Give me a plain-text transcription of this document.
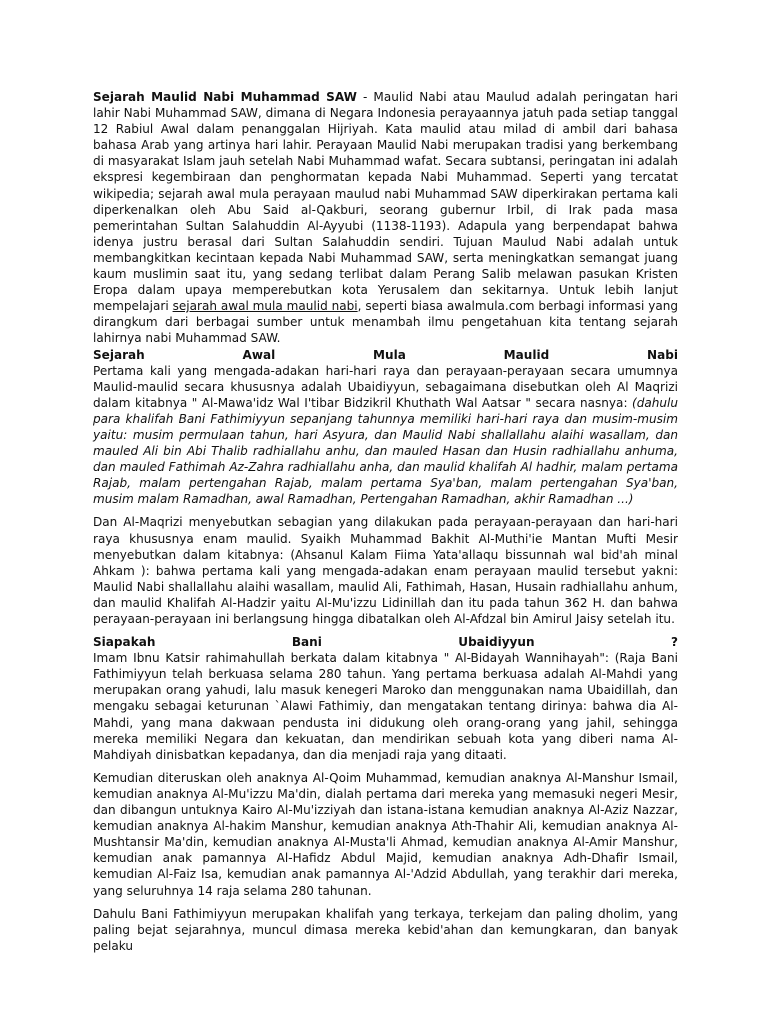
Sejarah Maulid Nabi Muhammad SAW - Maulid Nabi atau Maulud adalah peringatan hari lahir Nabi Muhammad SAW, dimana di Negara Indonesia perayaannya jatuh pada setiap tanggal 12 Rabiul Awal dalam penanggalan Hijriyah. Kata maulid atau milad di ambil dari bahasa bahasa Arab yang artinya hari lahir. Perayaan Maulid Nabi merupakan tradisi yang berkembang di masyarakat Islam jauh setelah Nabi Muhammad wafat. Secara subtansi, peringatan ini adalah ekspresi kegembiraan dan penghormatan kepada Nabi Muhammad. Seperti yang tercatat wikipedia; sejarah awal mula perayaan maulud nabi Muhammad SAW diperkirakan pertama kali diperkenalkan oleh Abu Said al-Qakburi, seorang gubernur Irbil, di Irak pada masa pemerintahan Sultan Salahuddin Al-Ayyubi (1138-1193). Adapula yang berpendapat bahwa idenya justru berasal dari Sultan Salahuddin sendiri. Tujuan Maulud Nabi adalah untuk membangkitkan kecintaan kepada Nabi Muhammad SAW, serta meningkatkan semangat juang kaum muslimin saat itu, yang sedang terlibat dalam Perang Salib melawan pasukan Kristen Eropa dalam upaya memperebutkan kota Yerusalem dan sekitarnya. Untuk lebih lanjut mempelajari sejarah awal mula maulid nabi, seperti biasa awalmula.com berbagi informasi yang dirangkum dari berbagai sumber untuk menambah ilmu pengetahuan kita tentang sejarah lahirnya nabi Muhammad SAW.

Sejarah	Awal	Mula	Maulid	Nabi

Pertama kali yang mengada-adakan hari-hari raya dan perayaan-perayaan secara umumnya Maulid-maulid secara khususnya adalah Ubaidiyyun, sebagaimana disebutkan oleh Al Maqrizi dalam kitabnya " Al-Mawa'idz Wal I'tibar Bidzikril Khuthath Wal Aatsar " secara nasnya: (dahulu para khalifah Bani Fathimiyyun sepanjang tahunnya memiliki hari-hari raya dan musim-musim yaitu: musim permulaan tahun, hari Asyura, dan Maulid Nabi shallallahu alaihi wasallam, dan mauled Ali bin Abi Thalib radhiallahu anhu, dan mauled Hasan dan Husin radhiallahu anhuma, dan mauled Fathimah Az-Zahra radhiallahu anha, dan maulid khalifah Al hadhir, malam pertama Rajab, malam pertengahan Rajab, malam pertama Sya'ban, malam pertengahan Sya'ban, musim malam Ramadhan, awal Ramadhan, Pertengahan Ramadhan, akhir Ramadhan ...)

Dan Al-Maqrizi menyebutkan sebagian yang dilakukan pada perayaan-perayaan dan hari-hari raya khususnya enam maulid. Syaikh Muhammad Bakhit Al-Muthi'ie Mantan Mufti Mesir menyebutkan dalam kitabnya: (Ahsanul Kalam Fiima Yata'allaqu bissunnah wal bid'ah minal Ahkam ): bahwa pertama kali yang mengada-adakan enam perayaan maulid tersebut yakni: Maulid Nabi shallallahu alaihi wasallam, maulid Ali, Fathimah, Hasan, Husain radhiallahu anhum, dan maulid Khalifah Al-Hadzir yaitu Al-Mu'izzu Lidinillah dan itu pada tahun 362 H. dan bahwa perayaan-perayaan ini berlangsung hingga dibatalkan oleh Al-Afdzal bin Amirul Jaisy setelah itu.

Siapakah	Bani	Ubaidiyyun	?

Imam Ibnu Katsir rahimahullah berkata dalam kitabnya " Al-Bidayah Wannihayah": (Raja Bani Fathimiyyun telah berkuasa selama 280 tahun. Yang pertama berkuasa adalah Al-Mahdi yang merupakan orang yahudi, lalu masuk kenegeri Maroko dan menggunakan nama Ubaidillah, dan mengaku sebagai keturunan `Alawi Fathimiy, dan mengatakan tentang dirinya: bahwa dia Al-Mahdi, yang mana dakwaan pendusta ini didukung oleh orang-orang yang jahil, sehingga mereka memiliki Negara dan kekuatan, dan mendirikan sebuah kota yang diberi nama Al-Mahdiyah dinisbatkan kepadanya, dan dia menjadi raja yang ditaati.

Kemudian diteruskan oleh anaknya Al-Qoim Muhammad, kemudian anaknya Al-Manshur Ismail, kemudian anaknya Al-Mu'izzu Ma'din, dialah pertama dari mereka yang memasuki negeri Mesir, dan dibangun untuknya Kairo Al-Mu'izziyah dan istana-istana kemudian anaknya Al-Aziz Nazzar, kemudian anaknya Al-hakim Manshur, kemudian anaknya Ath-Thahir Ali, kemudian anaknya Al-Mushtansir Ma'din, kemudian anaknya Al-Musta'li Ahmad, kemudian anaknya Al-Amir Manshur, kemudian anak pamannya Al-Hafidz Abdul Majid, kemudian anaknya Adh-Dhafir Ismail, kemudian Al-Faiz Isa, kemudian anak pamannya Al-'Adzid Abdullah, yang terakhir dari mereka, yang seluruhnya 14 raja selama 280 tahunan.

Dahulu Bani Fathimiyyun merupakan khalifah yang terkaya, terkejam dan paling dholim, yang paling bejat sejarahnya, muncul dimasa mereka kebid'ahan dan kemungkaran, dan banyak pelaku
